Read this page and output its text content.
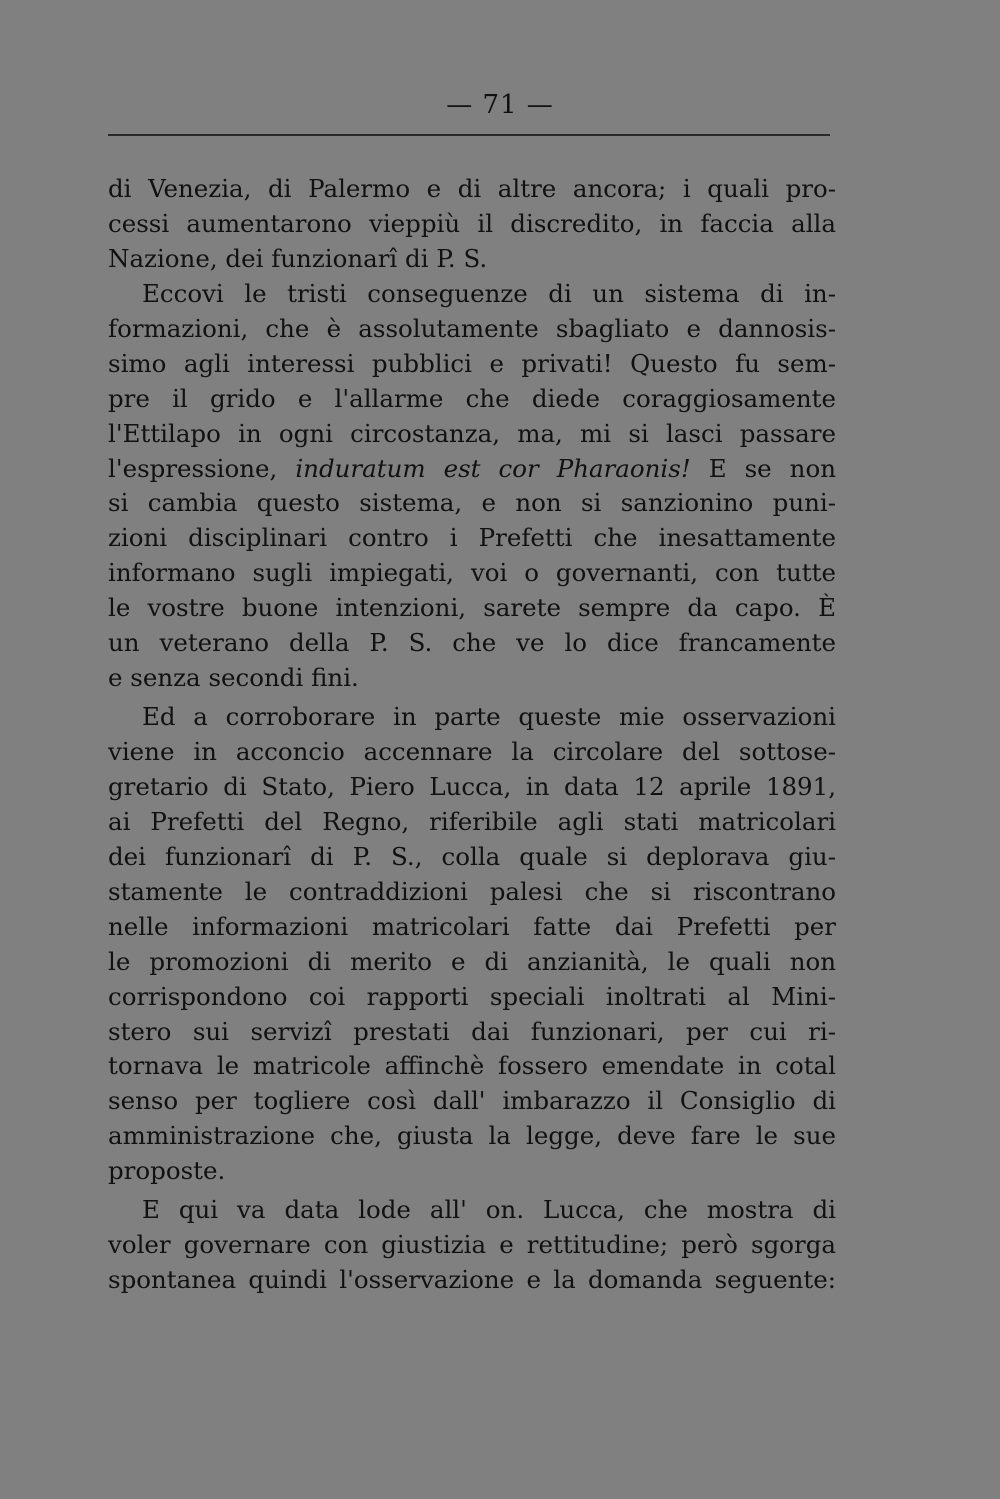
— 71 —
di Venezia, di Palermo e di altre ancora; i quali pro-
cessi aumentarono vieppiù il discredito, in faccia alla
Nazione, dei funzionarî di P. S.
Eccovi le tristi conseguenze di un sistema di in-
formazioni, che è assolutamente sbagliato e dannosis-
simo agli interessi pubblici e privati! Questo fu sem-
pre il grido e l'allarme che diede coraggiosamente
l'Ettilapo in ogni circostanza, ma, mi si lasci passare
l'espressione, induratum est cor Pharaonis! E se non
si cambia questo sistema, e non si sanzionino puni-
zioni disciplinari contro i Prefetti che inesattamente
informano sugli impiegati, voi o governanti, con tutte
le vostre buone intenzioni, sarete sempre da capo. È
un veterano della P. S. che ve lo dice francamente
e senza secondi fini.
Ed a corroborare in parte queste mie osservazioni
viene in acconcio accennare la circolare del sottose-
gretario di Stato, Piero Lucca, in data 12 aprile 1891,
ai Prefetti del Regno, riferibile agli stati matricolari
dei funzionarî di P. S., colla quale si deplorava giu-
stamente le contraddizioni palesi che si riscontrano
nelle informazioni matricolari fatte dai Prefetti per
le promozioni di merito e di anzianità, le quali non
corrispondono coi rapporti speciali inoltrati al Mini-
stero sui servizî prestati dai funzionari, per cui ri-
tornava le matricole affinchè fossero emendate in cotal
senso per togliere così dall' imbarazzo il Consiglio di
amministrazione che, giusta la legge, deve fare le sue
proposte.
E qui va data lode all' on. Lucca, che mostra di
voler governare con giustizia e rettitudine; però sgorga
spontanea quindi l'osservazione e la domanda seguente:
